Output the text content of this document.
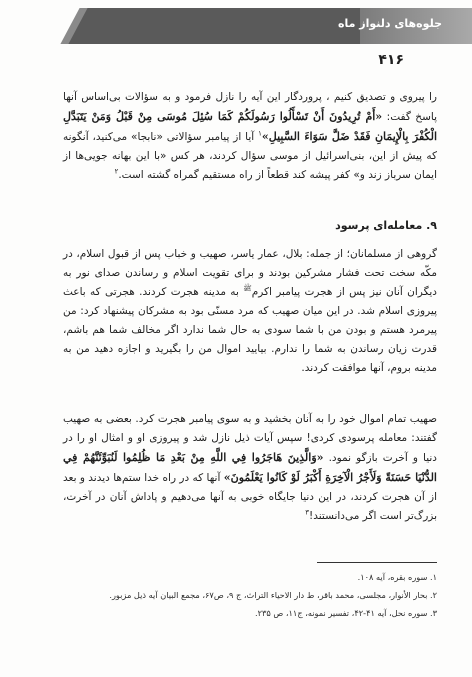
جلوه‌های دلنواز ماه
۴۱۶
را پیروی و تصدیق کنیم ، پروردگار این آیه را نازل فرمود و به سؤالات بی‌اساس آنها پاسخ گفت: «أَمْ تُرِيدُونَ أَنْ تَسْأَلُوا رَسُولَكُمْ كَمَا سُئِلَ مُوسَى مِنْ قَبْلُ وَمَنْ يَتَبَدَّلِ الْكُفْرَ بِالْإِيمَانِ فَقَدْ ضَلَّ سَوَاءَ السَّبِيلِ»$^۱$ آیا از پیامبر سؤالاتی «نابجا» می‌کنید، آنگونه که پیش از این، بنی‌اسرائیل از موسی سؤال کردند، هر کس «با این بهانه جویی‌ها از ایمان سرباز زند و» کفر پیشه کند قطعاً از راه مستقیم گمراه گشته است.$^۲$
۹. معامله‌ای پرسود
گروهی از مسلمانان؛ از جمله: بلال، عمار یاسر، صهیب و خباب پس از قبول اسلام، در مکّه سخت تحت فشار مشرکین بودند و برای تقویت اسلام و رساندن صدای نور به دیگران آنان نیز پس از هجرت پیامبر اکرم$^ﷺ$ به مدینه هجرت کردند. هجرتی که باعث پیروزی اسلام شد. در این میان صهیب که مرد مسنّی بود به مشرکان پیشنهاد کرد: من پیرمرد هستم و بودن من با شما سودی به حال شما ندارد اگر مخالف شما هم باشم، قدرت زیان رساندن به شما را ندارم. بیایید اموال من را بگیرید و اجازه دهید من به مدینه بروم، آنها موافقت کردند.
صهیب تمام اموال خود را به آنان بخشید و به سوی پیامبر هجرت کرد. بعضی به صهیب گفتند: معامله پرسودی کردی! سپس آیات ذیل نازل شد و پیروزی او و امثال او را در دنیا و آخرت بازگو نمود. «وَالَّذِينَ هَاجَرُوا فِي اللَّهِ مِنْ بَعْدِ مَا ظُلِمُوا لَنُبَوِّئَنَّهُمْ فِي الدُّنْيَا حَسَنَةً وَلَأَجْرُ الْآخِرَةِ أَكْبَرُ لَوْ كَانُوا يَعْلَمُونَ» آنها که در راه خدا ستم‌ها دیدند و بعد از آن هجرت کردند، در این دنیا جایگاه خوبی به آنها می‌دهیم و پاداش آنان در آخرت، بزرگ‌تر است اگر می‌دانستند!$^۳$
۱. سوره بقره، آیه ۱۰۸.
۲. بحار الأنوار، مجلسی، محمد باقر، ط دار الاحیاء التراث، ج ۹، ص۶۷، مجمع البیان آیه ذیل مزبور.
۳. سوره نحل، آیه ۴۱-۴۲، تفسیر نمونه، ج۱۱، ص ۲۳۵.
